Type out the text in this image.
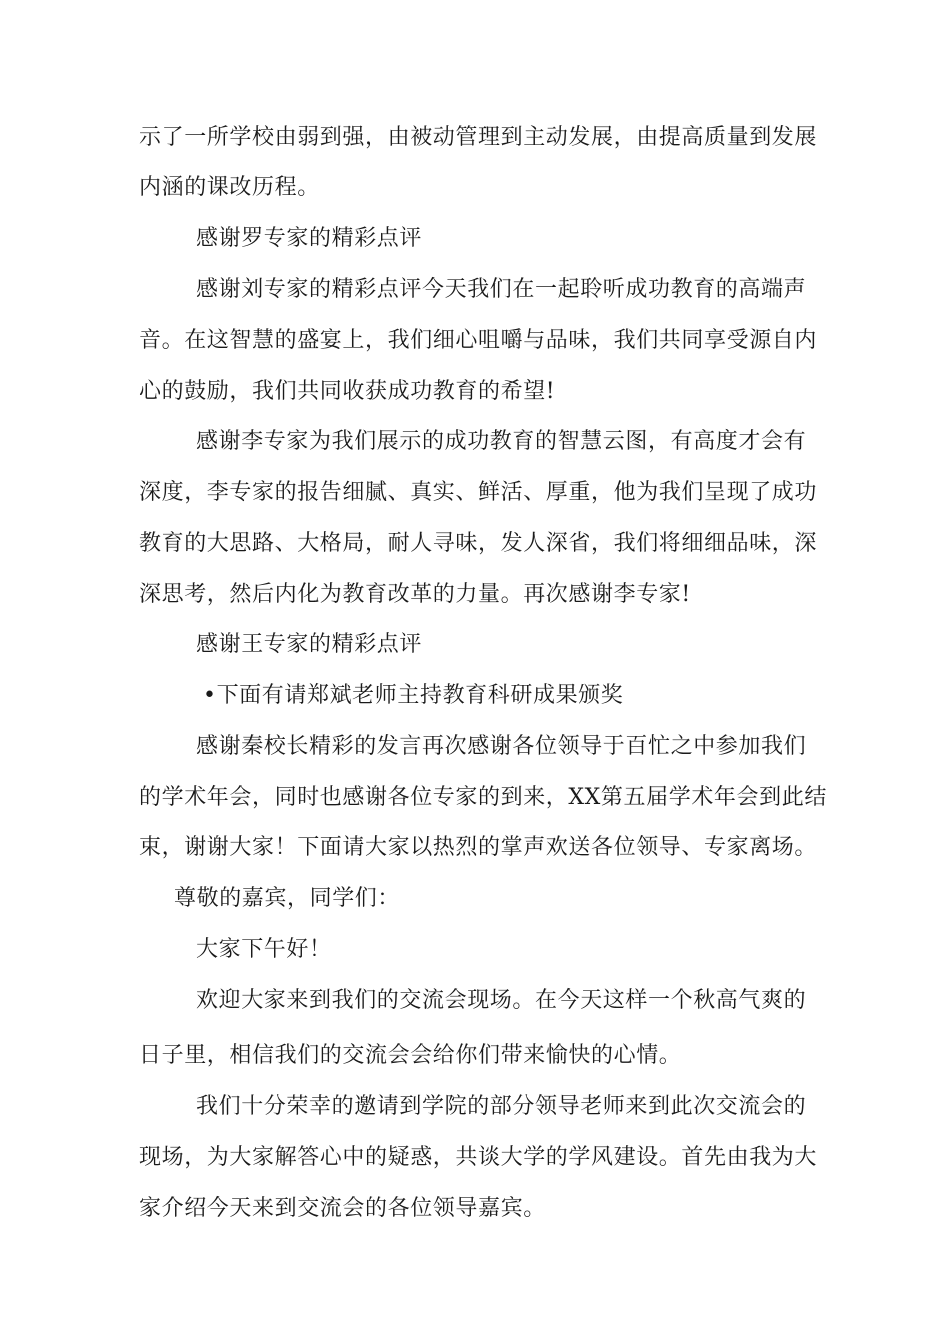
示了一所学校由弱到强，由被动管理到主动发展，由提高质量到发展
内涵的课改历程。
感谢罗专家的精彩点评
感谢刘专家的精彩点评今天我们在一起聆听成功教育的高端声
音。在这智慧的盛宴上，我们细心咀嚼与品味，我们共同享受源自内
心的鼓励，我们共同收获成功教育的希望!
感谢李专家为我们展示的成功教育的智慧云图，有高度才会有
深度，李专家的报告细腻、真实、鲜活、厚重，他为我们呈现了成功
教育的大思路、大格局，耐人寻味，发人深省，我们将细细品味，深
深思考，然后内化为教育改革的力量。再次感谢李专家!
感谢王专家的精彩点评
•下面有请郑斌老师主持教育科研成果颁奖
感谢秦校长精彩的发言再次感谢各位领导于百忙之中参加我们
的学术年会，同时也感谢各位专家的到来，XX第五届学术年会到此结
束，谢谢大家！下面请大家以热烈的掌声欢送各位领导、专家离场。
尊敬的嘉宾，同学们：
大家下午好！
欢迎大家来到我们的交流会现场。在今天这样一个秋高气爽的
日子里，相信我们的交流会会给你们带来愉快的心情。
我们十分荣幸的邀请到学院的部分领导老师来到此次交流会的
现场，为大家解答心中的疑惑，共谈大学的学风建设。首先由我为大
家介绍今天来到交流会的各位领导嘉宾。
